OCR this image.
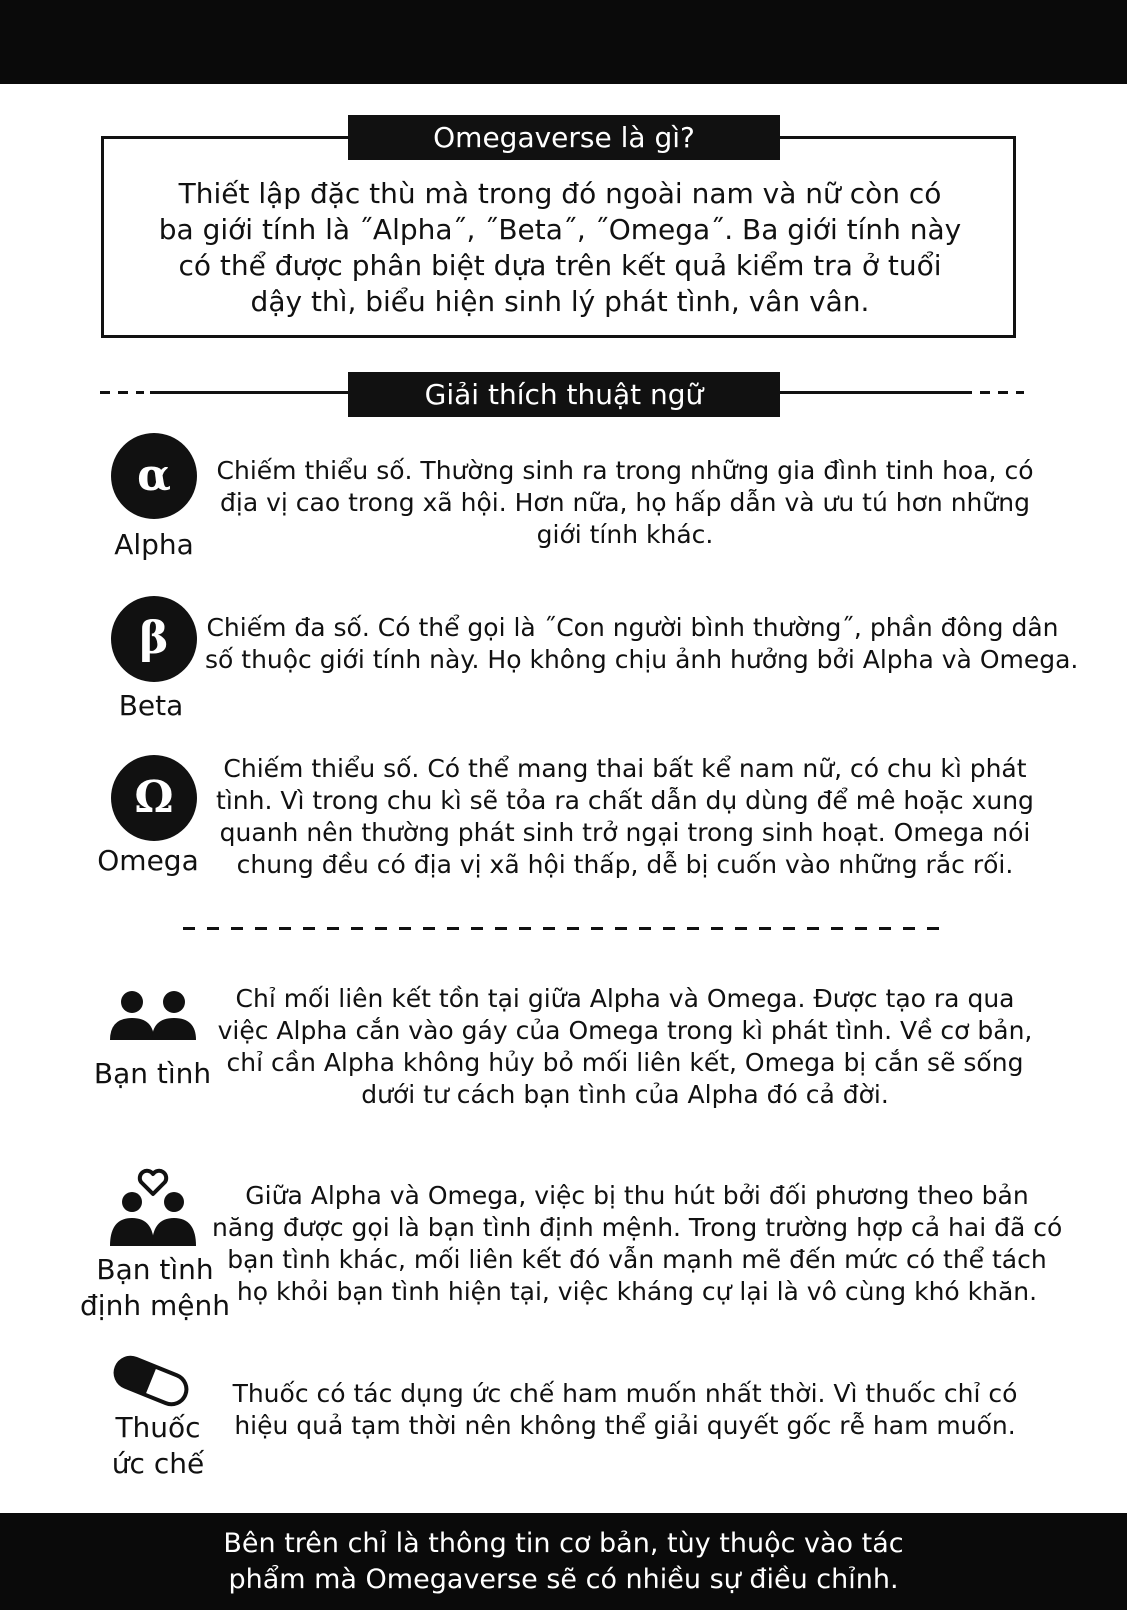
Omegaverse là gì?
Thiết lập đặc thù mà trong đó ngoài nam và nữ còn có
ba giới tính là ˝Alpha˝, ˝Beta˝, ˝Omega˝. Ba giới tính này
có thể được phân biệt dựa trên kết quả kiểm tra ở tuổi
dậy thì, biểu hiện sinh lý phát tình, vân vân.
Giải thích thuật ngữ
α
Alpha
Chiếm thiểu số. Thường sinh ra trong những gia đình tinh hoa, có
địa vị cao trong xã hội. Hơn nữa, họ hấp dẫn và ưu tú hơn những
giới tính khác.
β
Beta
Chiếm đa số. Có thể gọi là ˝Con người bình thường˝, phần đông dân
số thuộc giới tính này. Họ không chịu ảnh hưởng bởi Alpha và Omega.
Ω
Omega
Chiếm thiểu số. Có thể mang thai bất kể nam nữ, có chu kì phát
tình. Vì trong chu kì sẽ tỏa ra chất dẫn dụ dùng để mê hoặc xung
quanh nên thường phát sinh trở ngại trong sinh hoạt. Omega nói
chung đều có địa vị xã hội thấp, dễ bị cuốn vào những rắc rối.
Bạn tình
Chỉ mối liên kết tồn tại giữa Alpha và Omega. Được tạo ra qua
việc Alpha cắn vào gáy của Omega trong kì phát tình. Về cơ bản,
chỉ cần Alpha không hủy bỏ mối liên kết, Omega bị cắn sẽ sống
dưới tư cách bạn tình của Alpha đó cả đời.
Bạn tình
định mệnh
Giữa Alpha và Omega, việc bị thu hút bởi đối phương theo bản
năng được gọi là bạn tình định mệnh. Trong trường hợp cả hai đã có
bạn tình khác, mối liên kết đó vẫn mạnh mẽ đến mức có thể tách
họ khỏi bạn tình hiện tại, việc kháng cự lại là vô cùng khó khăn.
Thuốc
ức chế
Thuốc có tác dụng ức chế ham muốn nhất thời. Vì thuốc chỉ có
hiệu quả tạm thời nên không thể giải quyết gốc rễ ham muốn.
Bên trên chỉ là thông tin cơ bản, tùy thuộc vào tác
phẩm mà Omegaverse sẽ có nhiều sự điều chỉnh.
